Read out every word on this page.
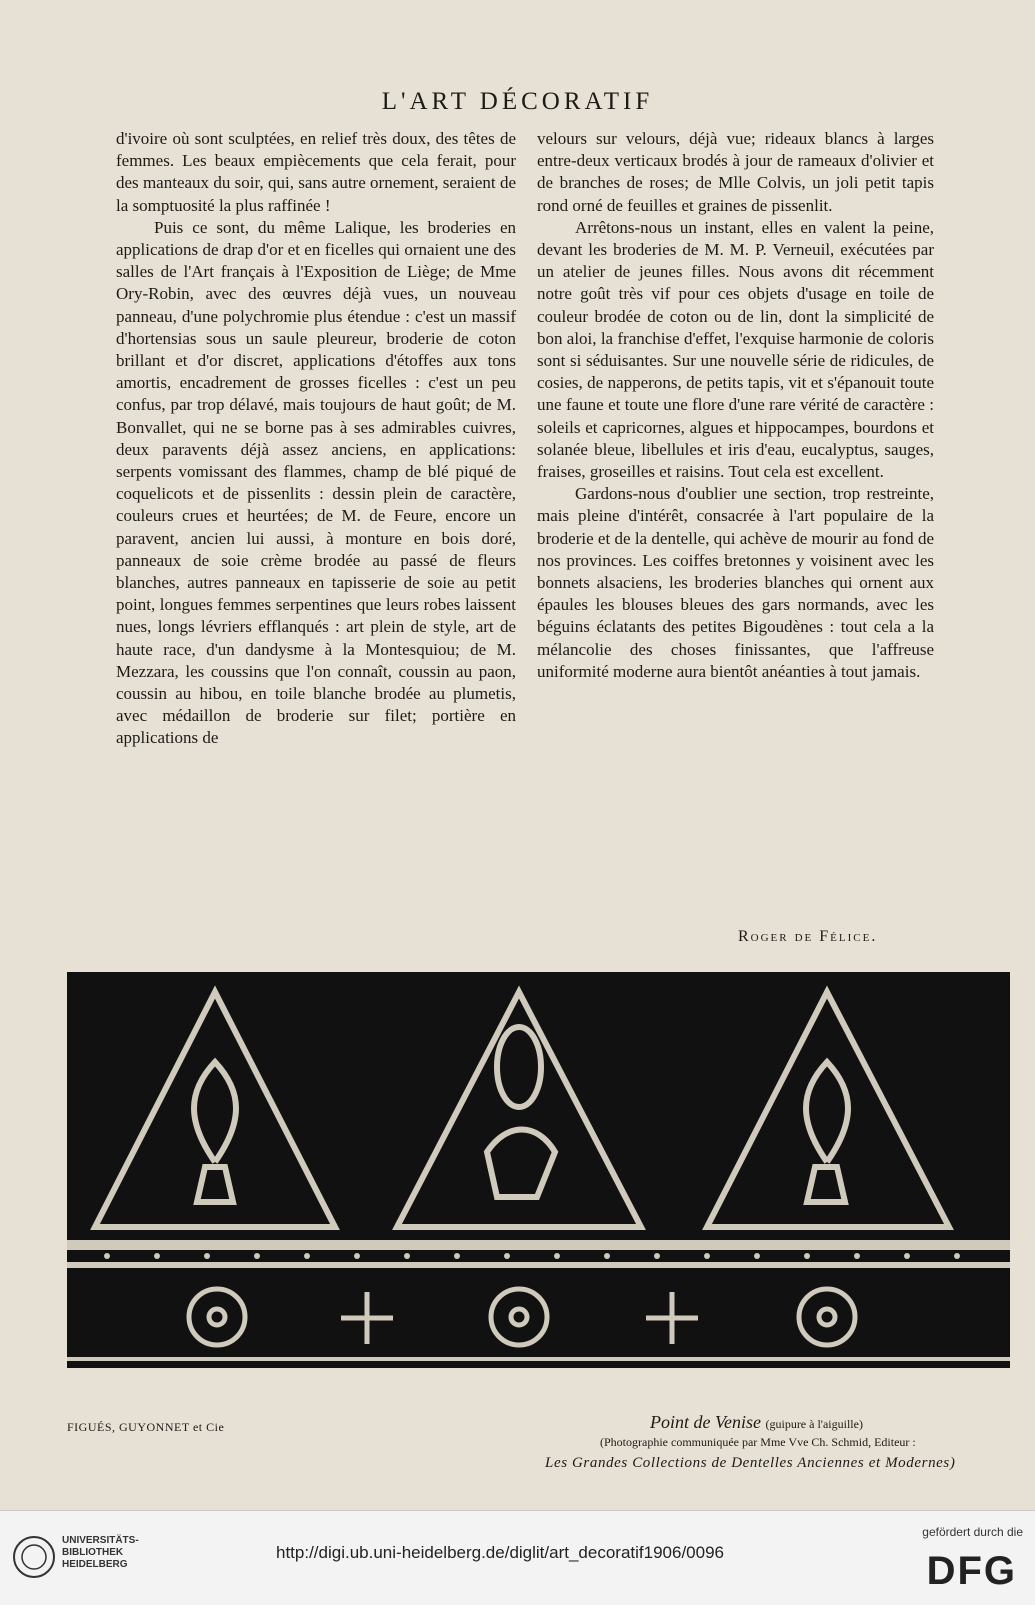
L'ART DÉCORATIF

d'ivoire où sont sculptées, en relief très doux, des têtes de femmes. Les beaux empiècements que cela ferait, pour des manteaux du soir, qui, sans autre ornement, seraient de la somptuosité la plus raffinée !

Puis ce sont, du même Lalique, les broderies en applications de drap d'or et en ficelles qui ornaient une des salles de l'Art français à l'Exposition de Liège; de Mme Ory-Robin, avec des œuvres déjà vues, un nouveau panneau, d'une polychromie plus étendue : c'est un massif d'hortensias sous un saule pleureur, broderie de coton brillant et d'or discret, applications d'étoffes aux tons amortis, encadrement de grosses ficelles : c'est un peu confus, par trop délavé, mais toujours de haut goût; de M. Bonvallet, qui ne se borne pas à ses admirables cuivres, deux paravents déjà assez anciens, en applications: serpents vomissant des flammes, champ de blé piqué de coquelicots et de pissenlits : dessin plein de caractère, couleurs crues et heurtées; de M. de Feure, encore un paravent, ancien lui aussi, à monture en bois doré, panneaux de soie crème brodée au passé de fleurs blanches, autres panneaux en tapisserie de soie au petit point, longues femmes serpentines que leurs robes laissent nues, longs lévriers efflanqués : art plein de style, art de haute race, d'un dandysme à la Montesquiou; de M. Mezzara, les coussins que l'on connaît, coussin au paon, coussin au hibou, en toile blanche brodée au plumetis, avec médaillon de broderie sur filet; portière en applications de

velours sur velours, déjà vue; rideaux blancs à larges entre-deux verticaux brodés à jour de rameaux d'olivier et de branches de roses; de Mlle Colvis, un joli petit tapis rond orné de feuilles et graines de pissenlit.

Arrêtons-nous un instant, elles en valent la peine, devant les broderies de M. M. P. Verneuil, exécutées par un atelier de jeunes filles. Nous avons dit récemment notre goût très vif pour ces objets d'usage en toile de couleur brodée de coton ou de lin, dont la simplicité de bon aloi, la franchise d'effet, l'exquise harmonie de coloris sont si séduisantes. Sur une nouvelle série de ridicules, de cosies, de napperons, de petits tapis, vit et s'épanouit toute une faune et toute une flore d'une rare vérité de caractère : soleils et capricornes, algues et hippocampes, bourdons et solanée bleue, libellules et iris d'eau, eucalyptus, sauges, fraises, groseilles et raisins. Tout cela est excellent.

Gardons-nous d'oublier une section, trop restreinte, mais pleine d'intérêt, consacrée à l'art populaire de la broderie et de la dentelle, qui achève de mourir au fond de nos provinces. Les coiffes bretonnes y voisinent avec les bonnets alsaciens, les broderies blanches qui ornent aux épaules les blouses bleues des gars normands, avec les béguins éclatants des petites Bigoudènes : tout cela a la mélancolie des choses finissantes, que l'affreuse uniformité moderne aura bientôt anéanties à tout jamais.

Roger de Félice.
FIGUÉS, GUYONNET et Cie	Point de Venise (guipure à l'aiguille)
(Photographie communiquée par Mme Vve Ch. Schmid, Editeur :
Les Grandes Collections de Dentelles Anciennes et Modernes)
UNIVERSITÄTS-
BIBLIOTHEK
HEIDELBERG
http://digi.ub.uni-heidelberg.de/diglit/art_decoratif1906/0096
gefördert durch die
DFG
